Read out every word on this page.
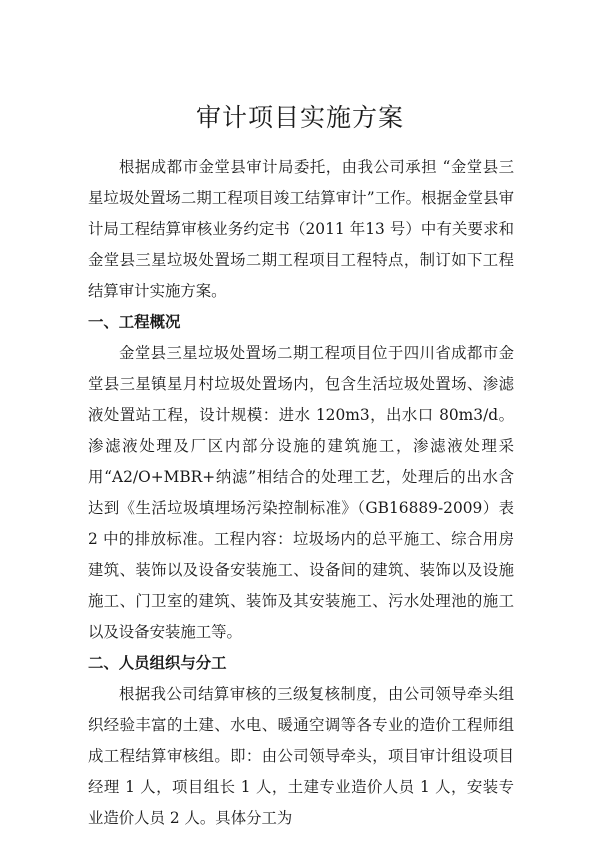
审计项目实施方案

根据成都市金堂县审计局委托，由我公司承担 “金堂县三星垃圾处置场二期工程项目竣工结算审计”工作。根据金堂县审计局工程结算审核业务约定书（2011 年13 号）中有关要求和金堂县三星垃圾处置场二期工程项目工程特点，制订如下工程结算审计实施方案。

一、工程概况

金堂县三星垃圾处置场二期工程项目位于四川省成都市金堂县三星镇星月村垃圾处置场内，包含生活垃圾处置场、渗滤液处置站工程，设计规模：进水 120m3，出水口 80m3/d。渗滤液处理及厂区内部分设施的建筑施工，渗滤液处理采用“A2/O+MBR+纳滤”相结合的处理工艺，处理后的出水含达到《生活垃圾填埋场污染控制标准》（GB16889-2009）表2 中的排放标准。工程内容：垃圾场内的总平施工、综合用房建筑、装饰以及设备安装施工、设备间的建筑、装饰以及设施施工、门卫室的建筑、装饰及其安装施工、污水处理池的施工以及设备安装施工等。

二、人员组织与分工

根据我公司结算审核的三级复核制度，由公司领导牵头组织经验丰富的土建、水电、暖通空调等各专业的造价工程师组成工程结算审核组。即：由公司领导牵头，项目审计组设项目经理 1 人，项目组长 1 人，土建专业造价人员 1 人，安装专业造价人员 2 人。具体分工为
